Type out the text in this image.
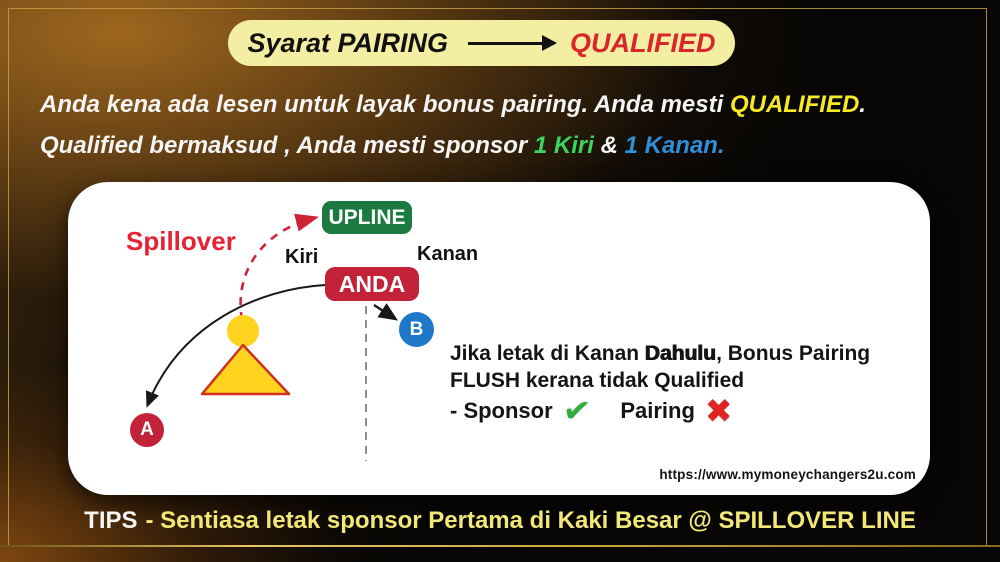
Syarat PAIRING	QUALIFIED

Anda kena ada lesen untuk layak bonus pairing. Anda mesti QUALIFIED.

Qualified bermaksud , Anda mesti sponsor 1 Kiri & 1 Kanan.

Spillover
UPLINE
Kiri	Kanan
ANDA
A
B

Jika letak di Kanan Dahulu, Bonus Pairing

FLUSH kerana tidak Qualified

- Sponsor ✔ Pairing ✖
https://www.mymoneychangers2u.com
TIPS - Sentiasa letak sponsor Pertama di Kaki Besar @ SPILLOVER LINE
